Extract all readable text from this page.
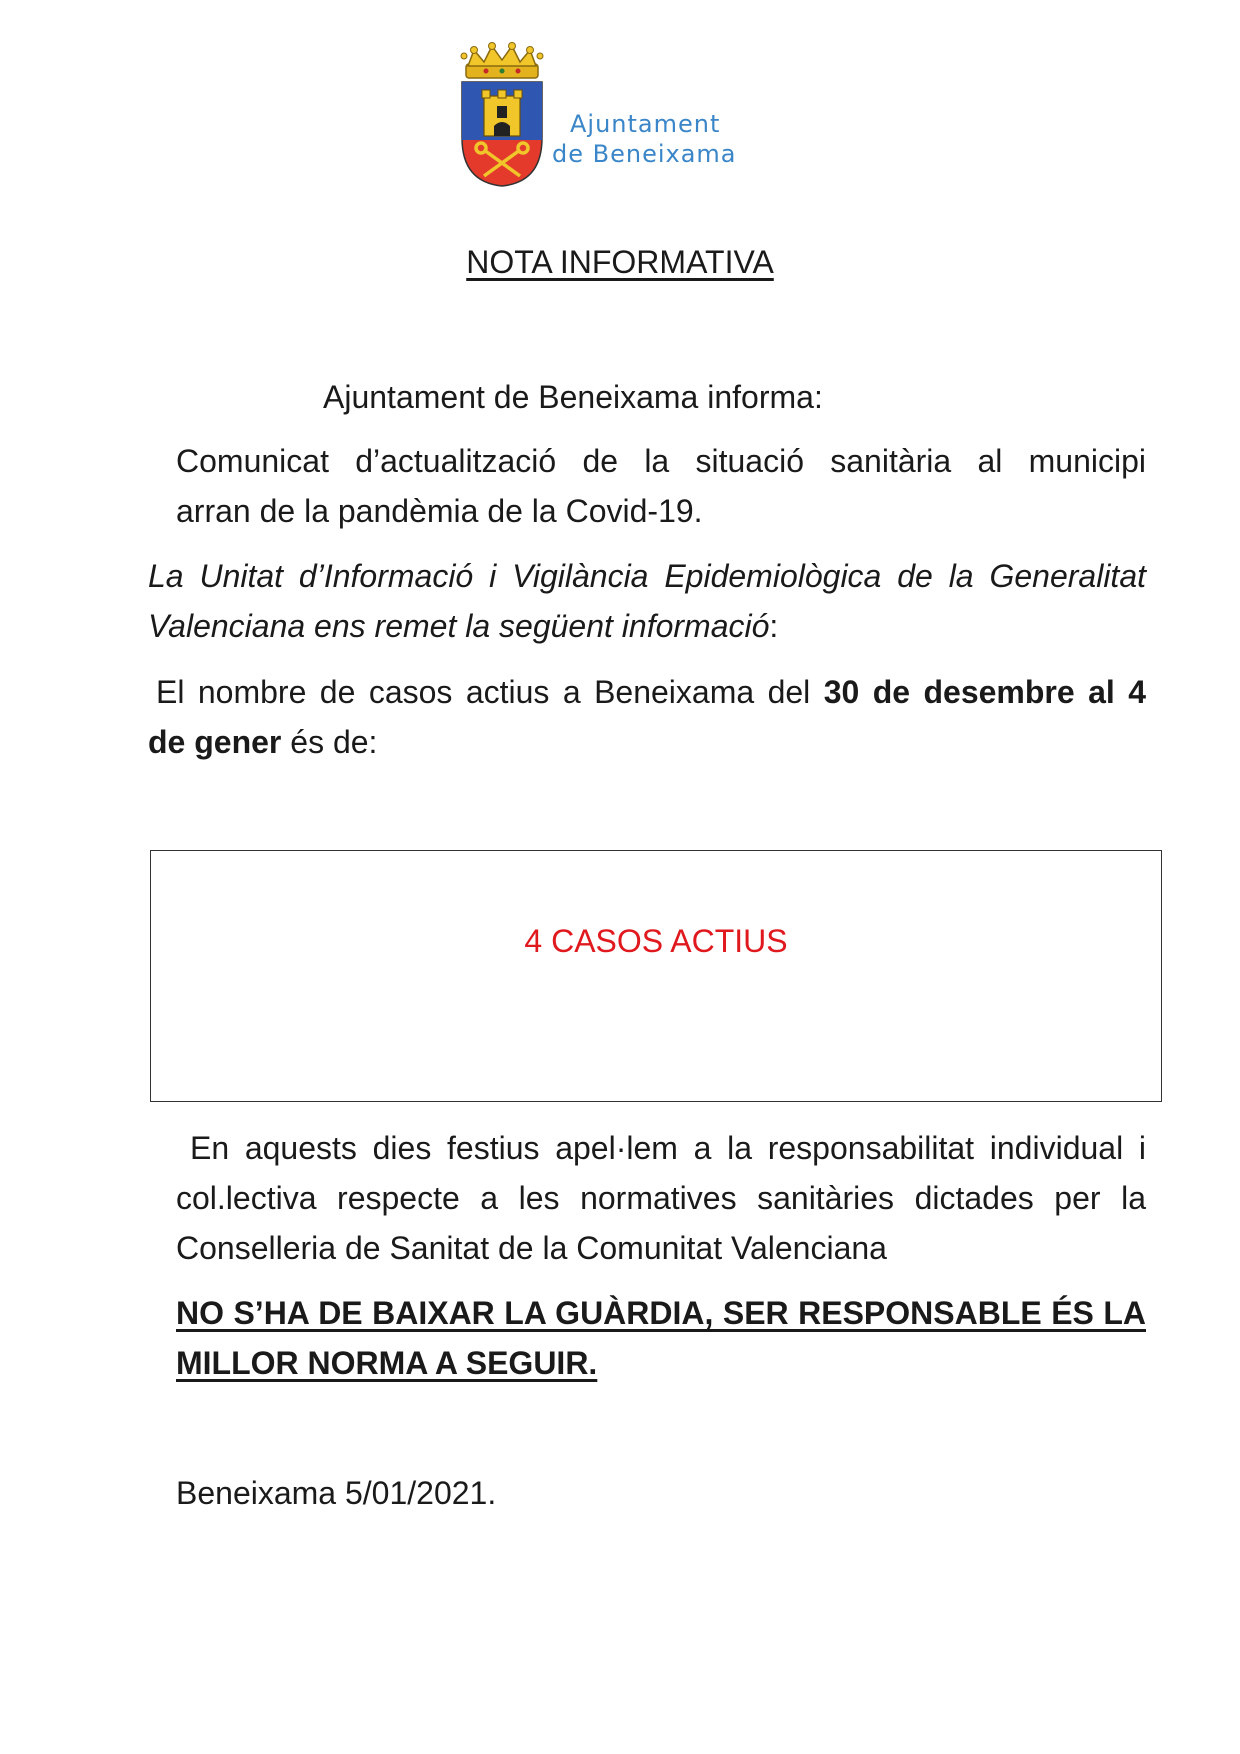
Ajuntament
de Beneixama
NOTA INFORMATIVA
Ajuntament de Beneixama informa:
Comunicat d’actualització de la situació sanitària al municipi
arran de la pandèmia de la Covid-19.
La Unitat d’Informació i Vigilància Epidemiològica de la Generalitat
Valenciana ens remet la següent informació:
El nombre de casos actius a Beneixama del 30 de desembre al 4
de gener és de:
4 CASOS ACTIUS
En aquests dies festius apel·lem a la responsabilitat individual i
col.lectiva respecte a les normatives sanitàries dictades per la
Conselleria de Sanitat de la Comunitat Valenciana
NO S’HA DE BAIXAR LA GUÀRDIA, SER RESPONSABLE ÉS LA
MILLOR NORMA A SEGUIR.
Beneixama 5/01/2021.
